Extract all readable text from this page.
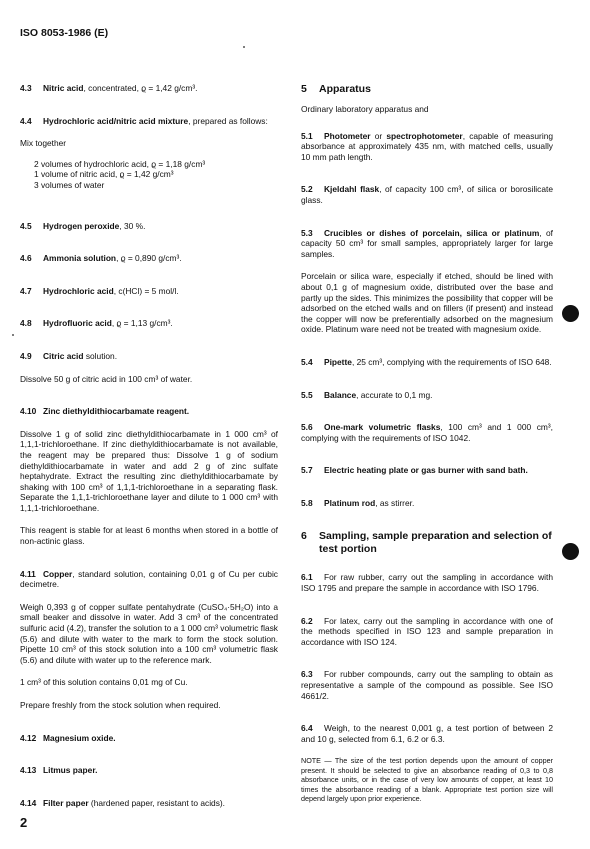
ISO 8053-1986 (E)

4.3 Nitric acid, concentrated, ϱ = 1,42 g/cm³.

4.4 Hydrochloric acid/nitric acid mixture, prepared as follows:

Mix together

2 volumes of hydrochloric acid, ϱ = 1,18 g/cm³
1 volume of nitric acid, ϱ = 1,42 g/cm³
3 volumes of water

4.5 Hydrogen peroxide, 30 %.

4.6 Ammonia solution, ϱ = 0,890 g/cm³.

4.7 Hydrochloric acid, c(HCl) = 5 mol/l.

4.8 Hydrofluoric acid, ϱ = 1,13 g/cm³.

4.9 Citric acid solution.

Dissolve 50 g of citric acid in 100 cm³ of water.

4.10 Zinc diethyldithiocarbamate reagent.

Dissolve 1 g of solid zinc diethyldithiocarbamate in 1 000 cm³ of 1,1,1-trichloroethane. If zinc diethyldithiocarbamate is not available, the reagent may be prepared thus: Dissolve 1 g of sodium diethyldithiocarbamate in water and add 2 g of zinc sulfate heptahydrate. Extract the resulting zinc diethyldithiocarbamate by shaking with 100 cm³ of 1,1,1-trichloroethane in a separating flask. Separate the 1,1,1-trichloroethane layer and dilute to 1 000 cm³ with 1,1,1-trichloroethane.

This reagent is stable for at least 6 months when stored in a bottle of non-actinic glass.

4.11 Copper, standard solution, containing 0,01 g of Cu per cubic decimetre.

Weigh 0,393 g of copper sulfate pentahydrate (CuSO₄·5H₂O) into a small beaker and dissolve in water. Add 3 cm³ of the concentrated sulfuric acid (4.2), transfer the solution to a 1 000 cm³ volumetric flask (5.6) and dilute with water to the mark to form the stock solution. Pipette 10 cm³ of this stock solution into a 100 cm³ volumetric flask (5.6) and dilute with water up to the reference mark.

1 cm³ of this solution contains 0,01 mg of Cu.

Prepare freshly from the stock solution when required.

4.12 Magnesium oxide.

4.13 Litmus paper.

4.14 Filter paper (hardened paper, resistant to acids).

5 Apparatus

Ordinary laboratory apparatus and

5.1 Photometer or spectrophotometer, capable of measuring absorbance at approximately 435 nm, with matched cells, usually 10 mm path length.

5.2 Kjeldahl flask, of capacity 100 cm³, of silica or borosilicate glass.

5.3 Crucibles or dishes of porcelain, silica or platinum, of capacity 50 cm³ for small samples, appropriately larger for large samples.

Porcelain or silica ware, especially if etched, should be lined with about 0,1 g of magnesium oxide, distributed over the base and partly up the sides. This minimizes the possibility that copper will be adsorbed on the etched walls and on fillers (if present) and instead the copper will now be preferentially adsorbed on the magnesium oxide. Platinum ware need not be treated with magnesium oxide.

5.4 Pipette, 25 cm³, complying with the requirements of ISO 648.

5.5 Balance, accurate to 0,1 mg.

5.6 One-mark volumetric flasks, 100 cm³ and 1 000 cm³, complying with the requirements of ISO 1042.

5.7 Electric heating plate or gas burner with sand bath.

5.8 Platinum rod, as stirrer.

6	Sampling, sample preparation and selection of test portion

6.1 For raw rubber, carry out the sampling in accordance with ISO 1795 and prepare the sample in accordance with ISO 1796.

6.2 For latex, carry out the sampling in accordance with one of the methods specified in ISO 123 and sample preparation in accordance with ISO 124.

6.3 For rubber compounds, carry out the sampling to obtain as representative a sample of the compound as possible. See ISO 4661/2.

6.4 Weigh, to the nearest 0,001 g, a test portion of between 2 and 10 g, selected from 6.1, 6.2 or 6.3.

NOTE — The size of the test portion depends upon the amount of copper present. It should be selected to give an absorbance reading of 0,3 to 0,8 absorbance units, or in the case of very low amounts of copper, at least 10 times the absorbance reading of a blank. Appropriate test portion size will depend largely upon prior experience.

2
